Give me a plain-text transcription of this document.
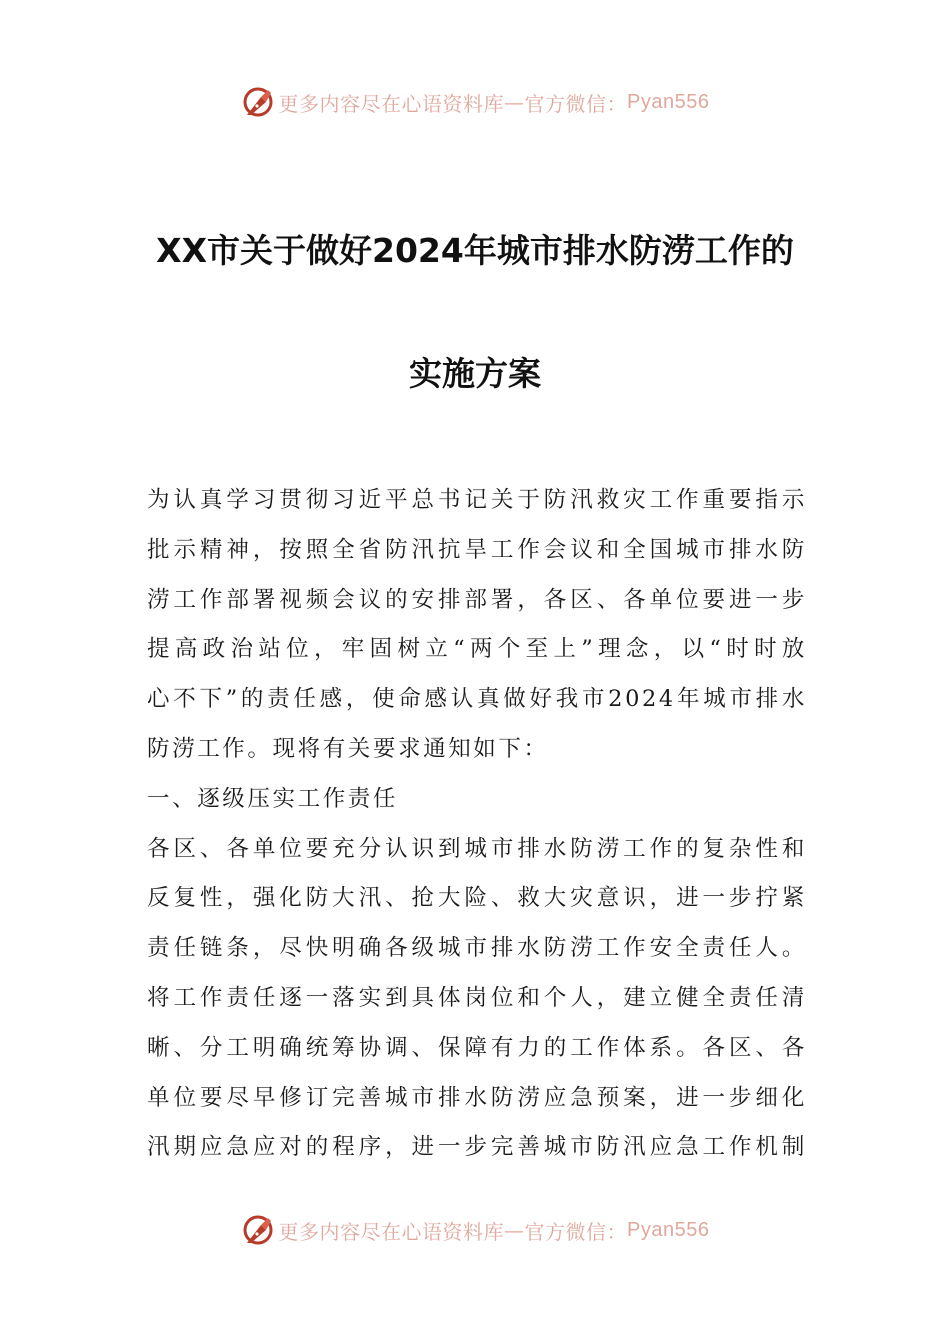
更多内容尽在心语资料库 — 官方微信： Pyan556
XX市关于做好2024年城市排水防涝工作的
实施方案
为认真学习贯彻习近平总书记关于防汛救灾工作重要指示
批示精神，按照全省防汛抗旱工作会议和全国城市排水防
涝工作部署视频会议的安排部署，各区、各单位要进一步
提高政治站位，牢固树立“两个至上”理念，以“时时放
心不下”的责任感，使命感认真做好我市2024年城市排水
防涝工作。现将有关要求通知如下：
一、逐级压实工作责任
各区、各单位要充分认识到城市排水防涝工作的复杂性和
反复性，强化防大汛、抢大险、救大灾意识，进一步拧紧
责任链条，尽快明确各级城市排水防涝工作安全责任人。
将工作责任逐一落实到具体岗位和个人，建立健全责任清
晰、分工明确统筹协调、保障有力的工作体系。各区、各
单位要尽早修订完善城市排水防涝应急预案，进一步细化
汛期应急应对的程序，进一步完善城市防汛应急工作机制
更多内容尽在心语资料库 — 官方微信： Pyan556
